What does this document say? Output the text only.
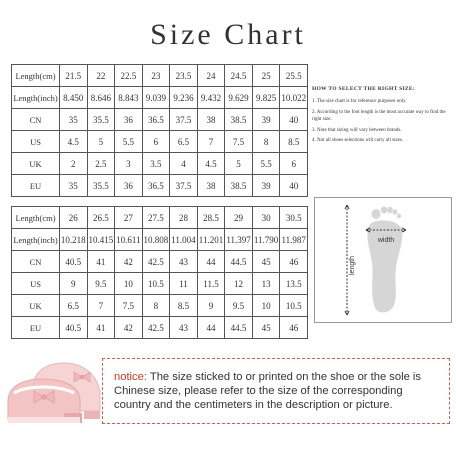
Size Chart
Length(cm)	21.5	22	22.5	23	23.5	24	24.5	25	25.5
Length(inch)	8.450	8.646	8.843	9.039	9.236	9.432	9.629	9.825	10.022
CN	35	35.5	36	36.5	37.5	38	38.5	39	40
US	4.5	5	5.5	6	6.5	7	7.5	8	8.5
UK	2	2.5	3	3.5	4	4.5	5	5.5	6
EU	35	35.5	36	36.5	37.5	38	38.5	39	40
Length(cm)	26	26.5	27	27.5	28	28.5	29	30	30.5
Length(inch)	10.218	10.415	10.611	10.808	11.004	11.201	11.397	11.790	11.987
CN	40.5	41	42	42.5	43	44	44.5	45	46
US	9	9.5	10	10.5	11	11.5	12	13	13.5
UK	6.5	7	7.5	8	8.5	9	9.5	10	10.5
EU	40.5	41	42	42.5	43	44	44.5	45	46
HOW TO SELECT THE RIGHT SIZE:
1. The size chart is for reference purposes only.
2. According to the foot length is the most accurate way to find the right size.
3. Note that sizing will vary between brands.
4. Not all shoes selections will carry all sizes.
width
length
notice: The size sticked to or printed on the shoe or the sole is Chinese size, please refer to the size of the corresponding country and the centimeters in the description or picture.
